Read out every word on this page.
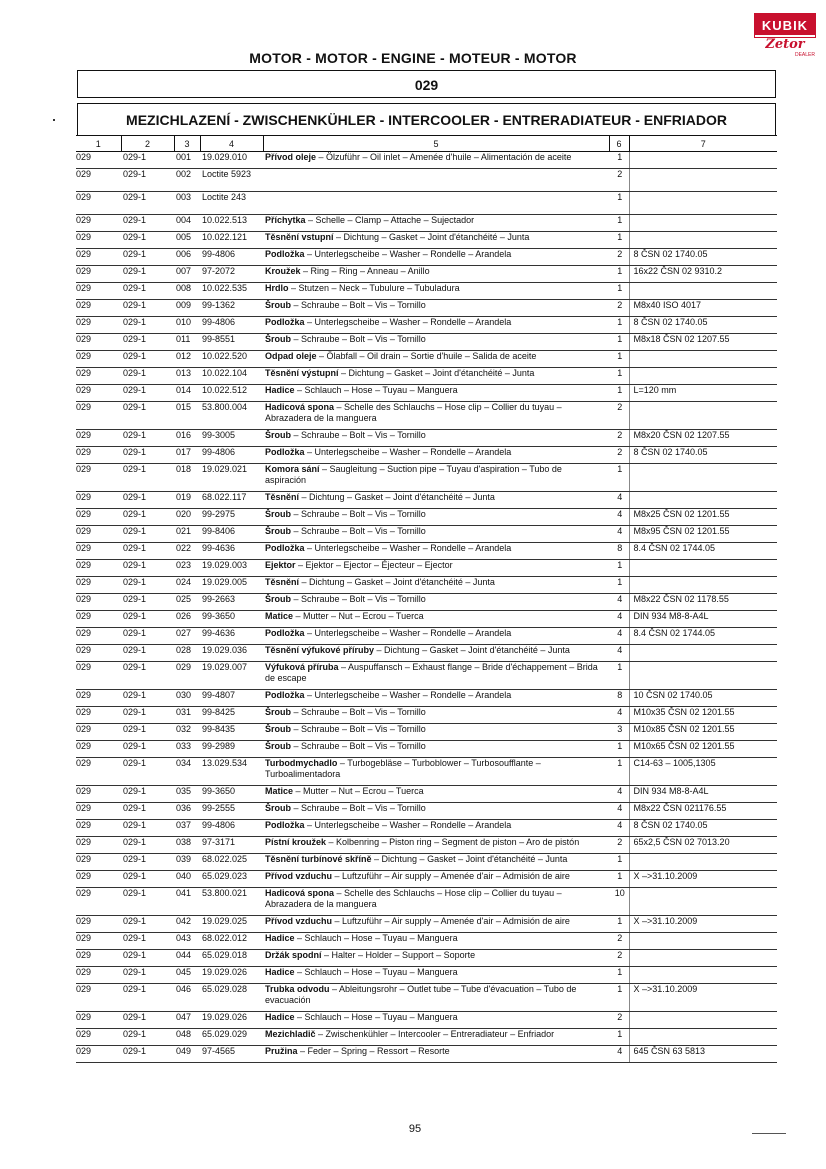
KUBIK
Zetor
DEALER
MOTOR - MOTOR - ENGINE - MOTEUR - MOTOR
029
MEZICHLAZENÍ - ZWISCHENKÜHLER - INTERCOOLER - ENTRERADIATEUR - ENFRIADOR
1	2	3	4	5	6	7
029	029-1	001	19.029.010	Přívod oleje – Ölzuführ – Oil inlet – Amenée d'huile – Alimentación de aceite	1	
029	029-1	002	Loctite 5923		2	
029	029-1	003	Loctite 243		1	
029	029-1	004	10.022.513	Příchytka – Schelle – Clamp – Attache – Sujectador	1	
029	029-1	005	10.022.121	Těsnění vstupní – Dichtung – Gasket – Joint d'étanchéité – Junta	1	
029	029-1	006	99-4806	Podložka – Unterlegscheibe – Washer – Rondelle – Arandela	2	8 ČSN 02 1740.05
029	029-1	007	97-2072	Kroužek – Ring – Ring – Anneau – Anillo	1	16x22 ČSN 02 9310.2
029	029-1	008	10.022.535	Hrdlo – Stutzen – Neck – Tubulure – Tubuladura	1	
029	029-1	009	99-1362	Šroub – Schraube – Bolt – Vis – Tornillo	2	M8x40 ISO 4017
029	029-1	010	99-4806	Podložka – Unterlegscheibe – Washer – Rondelle – Arandela	1	8 ČSN 02 1740.05
029	029-1	011	99-8551	Šroub – Schraube – Bolt – Vis – Tornillo	1	M8x18 ČSN 02 1207.55
029	029-1	012	10.022.520	Odpad oleje – Ölabfall – Oil drain – Sortie d'huile – Salida de aceite	1	
029	029-1	013	10.022.104	Těsnění výstupní – Dichtung – Gasket – Joint d'étanchéité – Junta	1	
029	029-1	014	10.022.512	Hadice – Schlauch – Hose – Tuyau – Manguera	1	L=120 mm
029	029-1	015	53.800.004	Hadicová spona – Schelle des Schlauchs – Hose clip – Collier du tuyau – Abrazadera de la manguera	2	
029	029-1	016	99-3005	Šroub – Schraube – Bolt – Vis – Tornillo	2	M8x20 ČSN 02 1207.55
029	029-1	017	99-4806	Podložka – Unterlegscheibe – Washer – Rondelle – Arandela	2	8 ČSN 02 1740.05
029	029-1	018	19.029.021	Komora sání – Saugleitung – Suction pipe – Tuyau d'aspiration – Tubo de aspiración	1	
029	029-1	019	68.022.117	Těsnění – Dichtung – Gasket – Joint d'étanchéité – Junta	4	
029	029-1	020	99-2975	Šroub – Schraube – Bolt – Vis – Tornillo	4	M8x25 ČSN 02 1201.55
029	029-1	021	99-8406	Šroub – Schraube – Bolt – Vis – Tornillo	4	M8x95 ČSN 02 1201.55
029	029-1	022	99-4636	Podložka – Unterlegscheibe – Washer – Rondelle – Arandela	8	8.4 ČSN 02 1744.05
029	029-1	023	19.029.003	Ejektor – Ejektor – Ejector – Éjecteur – Ejector	1	
029	029-1	024	19.029.005	Těsnění – Dichtung – Gasket – Joint d'étanchéité – Junta	1	
029	029-1	025	99-2663	Šroub – Schraube – Bolt – Vis – Tornillo	4	M8x22 ČSN 02 1178.55
029	029-1	026	99-3650	Matice – Mutter – Nut – Ecrou – Tuerca	4	DIN 934 M8-8-A4L
029	029-1	027	99-4636	Podložka – Unterlegscheibe – Washer – Rondelle – Arandela	4	8.4 ČSN 02 1744.05
029	029-1	028	19.029.036	Těsnění výfukové příruby – Dichtung – Gasket – Joint d'étanchéité – Junta	4	
029	029-1	029	19.029.007	Výfuková příruba – Auspuffansch – Exhaust flange – Bride d'échappement – Brida de escape	1	
029	029-1	030	99-4807	Podložka – Unterlegscheibe – Washer – Rondelle – Arandela	8	10 ČSN 02 1740.05
029	029-1	031	99-8425	Šroub – Schraube – Bolt – Vis – Tornillo	4	M10x35 ČSN 02 1201.55
029	029-1	032	99-8435	Šroub – Schraube – Bolt – Vis – Tornillo	3	M10x85 ČSN 02 1201.55
029	029-1	033	99-2989	Šroub – Schraube – Bolt – Vis – Tornillo	1	M10x65 ČSN 02 1201.55
029	029-1	034	13.029.534	Turbodmychadlo – Turbogebläse – Turboblower – Turbosoufflante – Turboalimentadora	1	C14-63 – 1005,1305
029	029-1	035	99-3650	Matice – Mutter – Nut – Ecrou – Tuerca	4	DIN 934 M8-8-A4L
029	029-1	036	99-2555	Šroub – Schraube – Bolt – Vis – Tornillo	4	M8x22 ČSN 021176.55
029	029-1	037	99-4806	Podložka – Unterlegscheibe – Washer – Rondelle – Arandela	4	8 ČSN 02 1740.05
029	029-1	038	97-3171	Pístní kroužek – Kolbenring – Piston ring – Segment de piston – Aro de pistón	2	65x2,5 ČSN 02 7013.20
029	029-1	039	68.022.025	Těsnění turbínové skříně – Dichtung – Gasket – Joint d'étanchéité – Junta	1	
029	029-1	040	65.029.023	Přívod vzduchu – Luftzuführ – Air supply – Amenée d'air – Admisión de aire	1	X –>31.10.2009
029	029-1	041	53.800.021	Hadicová spona – Schelle des Schlauchs – Hose clip – Collier du tuyau – Abrazadera de la manguera	10	
029	029-1	042	19.029.025	Přívod vzduchu – Luftzuführ – Air supply – Amenée d'air – Admisión de aire	1	X –>31.10.2009
029	029-1	043	68.022.012	Hadice – Schlauch – Hose – Tuyau – Manguera	2	
029	029-1	044	65.029.018	Držák spodní – Halter – Holder – Support – Soporte	2	
029	029-1	045	19.029.026	Hadice – Schlauch – Hose – Tuyau – Manguera	1	
029	029-1	046	65.029.028	Trubka odvodu – Ableitungsrohr – Outlet tube – Tube d'évacuation – Tubo de evacuación	1	X –>31.10.2009
029	029-1	047	19.029.026	Hadice – Schlauch – Hose – Tuyau – Manguera	2	
029	029-1	048	65.029.029	Mezichladič – Zwischenkühler – Intercooler – Entreradiateur – Enfriador	1	
029	029-1	049	97-4565	Pružina – Feder – Spring – Ressort – Resorte	4	645 ČSN 63 5813
95
